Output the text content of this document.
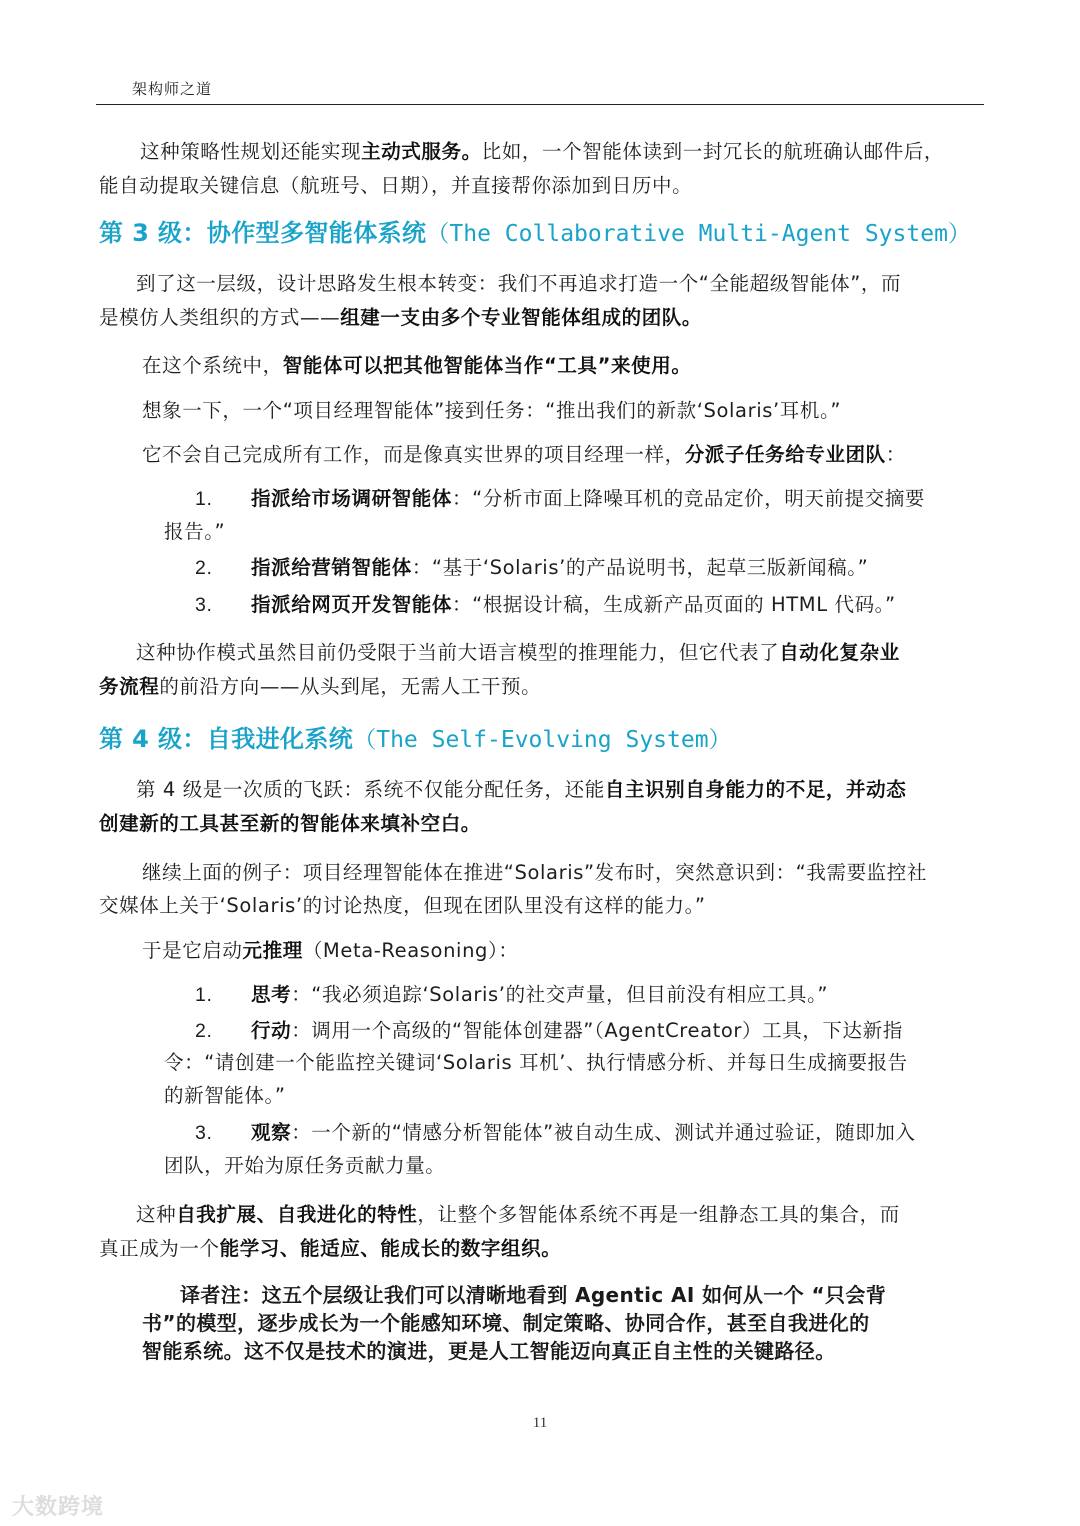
架构师之道
这种策略性规划还能实现主动式服务。比如，一个智能体读到一封冗长的航班确认邮件后，
能自动提取关键信息（航班号、日期），并直接帮你添加到日历中。
第 3 级：协作型多智能体系统（The Collaborative Multi-Agent System）
到了这一层级，设计思路发生根本转变：我们不再追求打造一个“全能超级智能体”，而
是模仿人类组织的方式——组建一支由多个专业智能体组成的团队。
在这个系统中，智能体可以把其他智能体当作“工具”来使用。
想象一下，一个“项目经理智能体”接到任务：“推出我们的新款‘Solaris’耳机。”
它不会自己完成所有工作，而是像真实世界的项目经理一样，分派子任务给专业团队：
1. 指派给市场调研智能体：“分析市面上降噪耳机的竞品定价，明天前提交摘要
报告。”
2. 指派给营销智能体：“基于‘Solaris’的产品说明书，起草三版新闻稿。”
3. 指派给网页开发智能体：“根据设计稿，生成新产品页面的 HTML 代码。”
这种协作模式虽然目前仍受限于当前大语言模型的推理能力，但它代表了自动化复杂业
务流程的前沿方向——从头到尾，无需人工干预。
第 4 级：自我进化系统（The Self-Evolving System）
第 4 级是一次质的飞跃：系统不仅能分配任务，还能自主识别自身能力的不足，并动态
创建新的工具甚至新的智能体来填补空白。
继续上面的例子：项目经理智能体在推进“Solaris”发布时，突然意识到：“我需要监控社
交媒体上关于‘Solaris’的讨论热度，但现在团队里没有这样的能力。”
于是它启动元推理（Meta-Reasoning）：
1. 思考：“我必须追踪‘Solaris’的社交声量，但目前没有相应工具。”
2. 行动：调用一个高级的“智能体创建器”（AgentCreator）工具，下达新指
令：“请创建一个能监控关键词‘Solaris 耳机’、执行情感分析、并每日生成摘要报告
的新智能体。”
3. 观察：一个新的“情感分析智能体”被自动生成、测试并通过验证，随即加入
团队，开始为原任务贡献力量。
这种自我扩展、自我进化的特性，让整个多智能体系统不再是一组静态工具的集合，而
真正成为一个能学习、能适应、能成长的数字组织。
译者注：这五个层级让我们可以清晰地看到 Agentic AI 如何从一个 “只会背
书”的模型，逐步成长为一个能感知环境、制定策略、协同合作，甚至自我进化的
智能系统。这不仅是技术的演进，更是人工智能迈向真正自主性的关键路径。
11
大数跨境
